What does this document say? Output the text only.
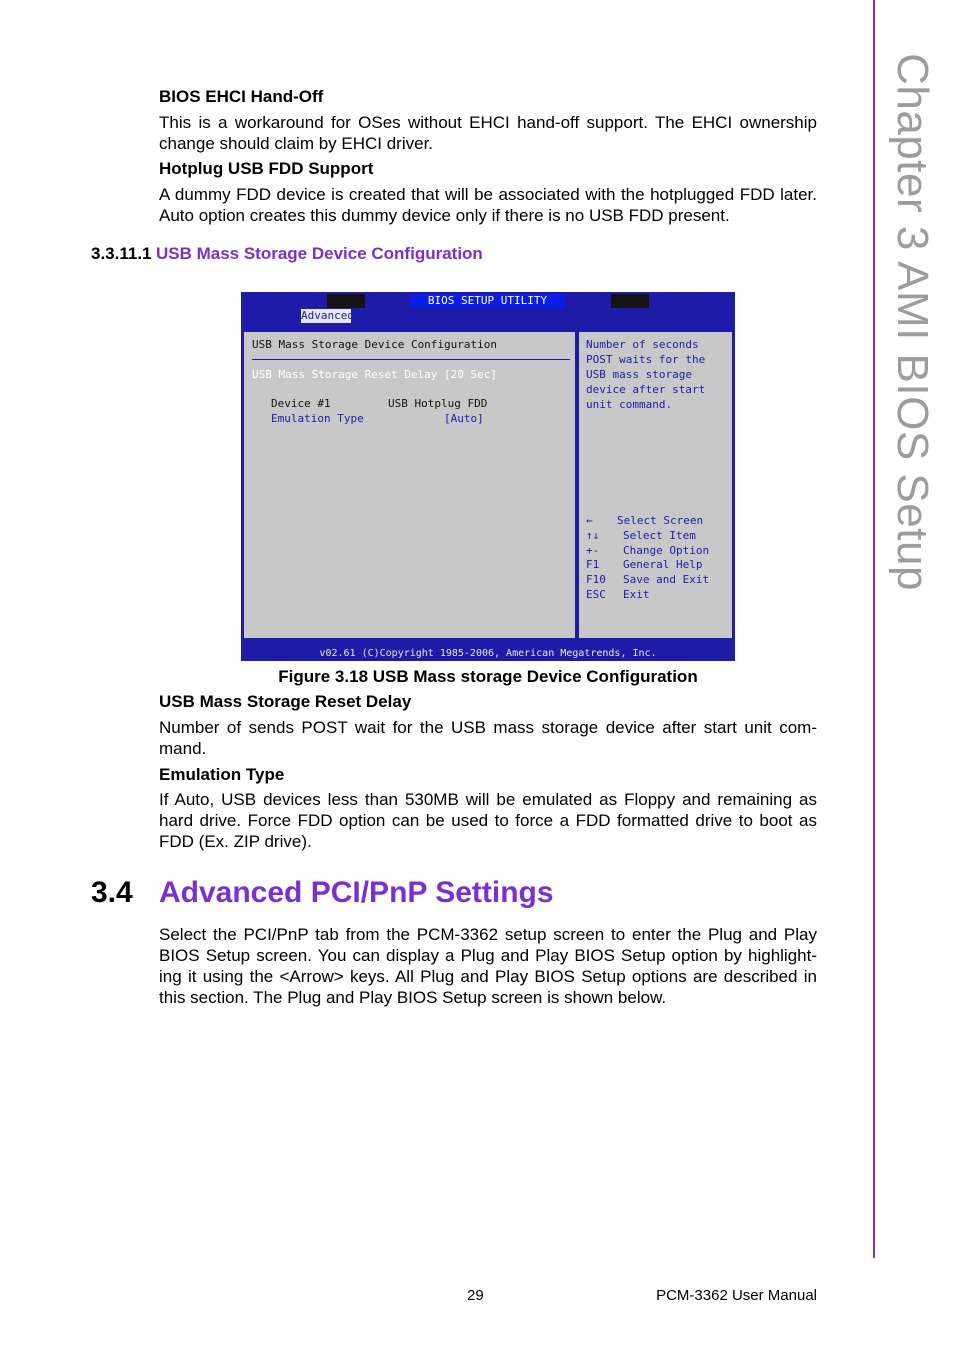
Chapter 3 AMI BIOS Setup
BIOS EHCI Hand-Off
This is a workaround for OSes without EHCI hand-off support. The EHCI ownership change should claim by EHCI driver.
Hotplug USB FDD Support
A dummy FDD device is created that will be associated with the hotplugged FDD later. Auto option creates this dummy device only if there is no USB FDD present.
3.3.11.1 USB Mass Storage Device Configuration
BIOS SETUP UTILITY
Advanced
USB Mass Storage Device Configuration
USB Mass Storage Reset Delay [20 Sec]
Device #1	USB Hotplug FDD
Emulation Type	[Auto]
Number of seconds
POST waits for the
USB mass storage
device after start
unit command.
← Select Screen
↑↓ Select Item
+- Change Option
F1 General Help
F10 Save and Exit
ESC Exit
v02.61 (C)Copyright 1985-2006, American Megatrends, Inc.
Figure 3.18 USB Mass storage Device Configuration
USB Mass Storage Reset Delay
Number of sends POST wait for the USB mass storage device after start unit com-mand.
Emulation Type
If Auto, USB devices less than 530MB will be emulated as Floppy and remaining as hard drive. Force FDD option can be used to force a FDD formatted drive to boot as FDD (Ex. ZIP drive).
3.4 Advanced PCI/PnP Settings
Select the PCI/PnP tab from the PCM-3362 setup screen to enter the Plug and Play BIOS Setup screen. You can display a Plug and Play BIOS Setup option by highlight-ing it using the <Arrow> keys. All Plug and Play BIOS Setup options are described in this section. The Plug and Play BIOS Setup screen is shown below.
29	PCM-3362 User Manual
